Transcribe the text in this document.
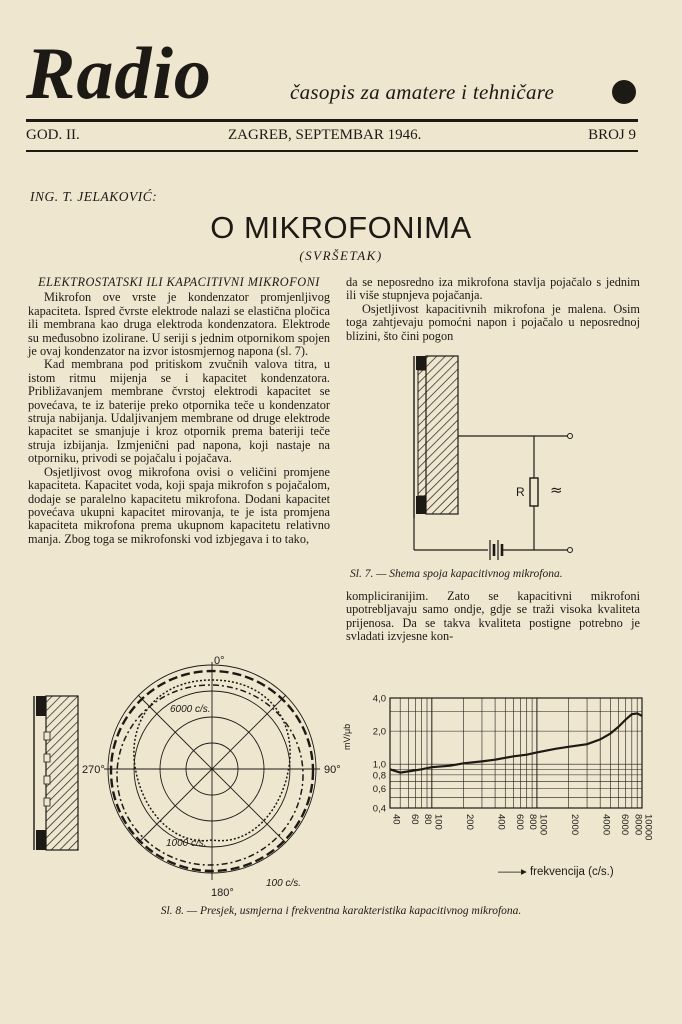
Radio	časopis za amatere i tehničare
GOD. II.	ZAGREB, SEPTEMBAR 1946.	BROJ 9
ING. T. JELAKOVIĆ:
O MIKROFONIMA
(SVRŠETAK)
ELEKTROSTATSKI ILI KAPACITIVNI MIKROFONI

Mikrofon ove vrste je kondenzator promjenljivog kapaciteta. Ispred čvrste elektrode nalazi se elastična pločica ili membrana kao druga elektroda kondenzatora. Elektrode su međusobno izolirane. U seriji s jednim otpornikom spojen je ovaj kondenzator na izvor istosmjernog napona (sl. 7).

Kad membrana pod pritiskom zvučnih valova titra, u istom ritmu mijenja se i kapacitet kondenzatora. Približavanjem membrane čvrstoj elektrodi kapacitet se povećava, te iz baterije preko otpornika teče u kondenzator struja nabijanja. Udaljivanjem membrane od druge elektrode kapacitet se smanjuje i kroz otpornik prema bateriji teče struja izbijanja. Izmjenični pad napona, koji nastaje na otporniku, privodi se pojačalu i pojačava.

Osjetljivost ovog mikrofona ovisi o veličini promjene kapaciteta. Kapacitet voda, koji spaja mikrofon s pojačalom, dodaje se paralelno kapacitetu mikrofona. Dodani kapacitet povećava ukupni kapacitet mirovanja, te je ista promjena kapaciteta mikrofona prema ukupnom kapacitetu relativno manja. Zbog toga se mikrofonski vod izbjegava i to tako,

da se neposredno iza mikrofona stavlja pojačalo s jednim ili više stupnjeva pojačanja.

Osjetljivost kapacitivnih mikrofona je malena. Osim toga zahtjevaju pomoćni napon i pojačalo u neposrednoj blizini, što čini pogon

R ≈
Sl. 7. — Shema spoja kapacitivnog mikrofona.

kompliciranijim. Zato se kapacitivni mikrofoni upotrebljavaju samo ondje, gdje se traži visoka kvaliteta prijenosa. Da se takva kvaliteta postigne potrebno je svladati izvjesne kon-

0°
90°
180°
270°
6000 c/s.
1000 c/s.
100 c/s.
4,0
2,0
1,0
0,8
0,6
0,4
40 60 80 100 200 400 600 800 1000 2000 4000 6000 8000 10000
mV/μb
——▸ frekvencija (c/s.)
Sl. 8. — Presjek, usmjerna i frekventna karakteristika kapacitivnog mikrofona.
